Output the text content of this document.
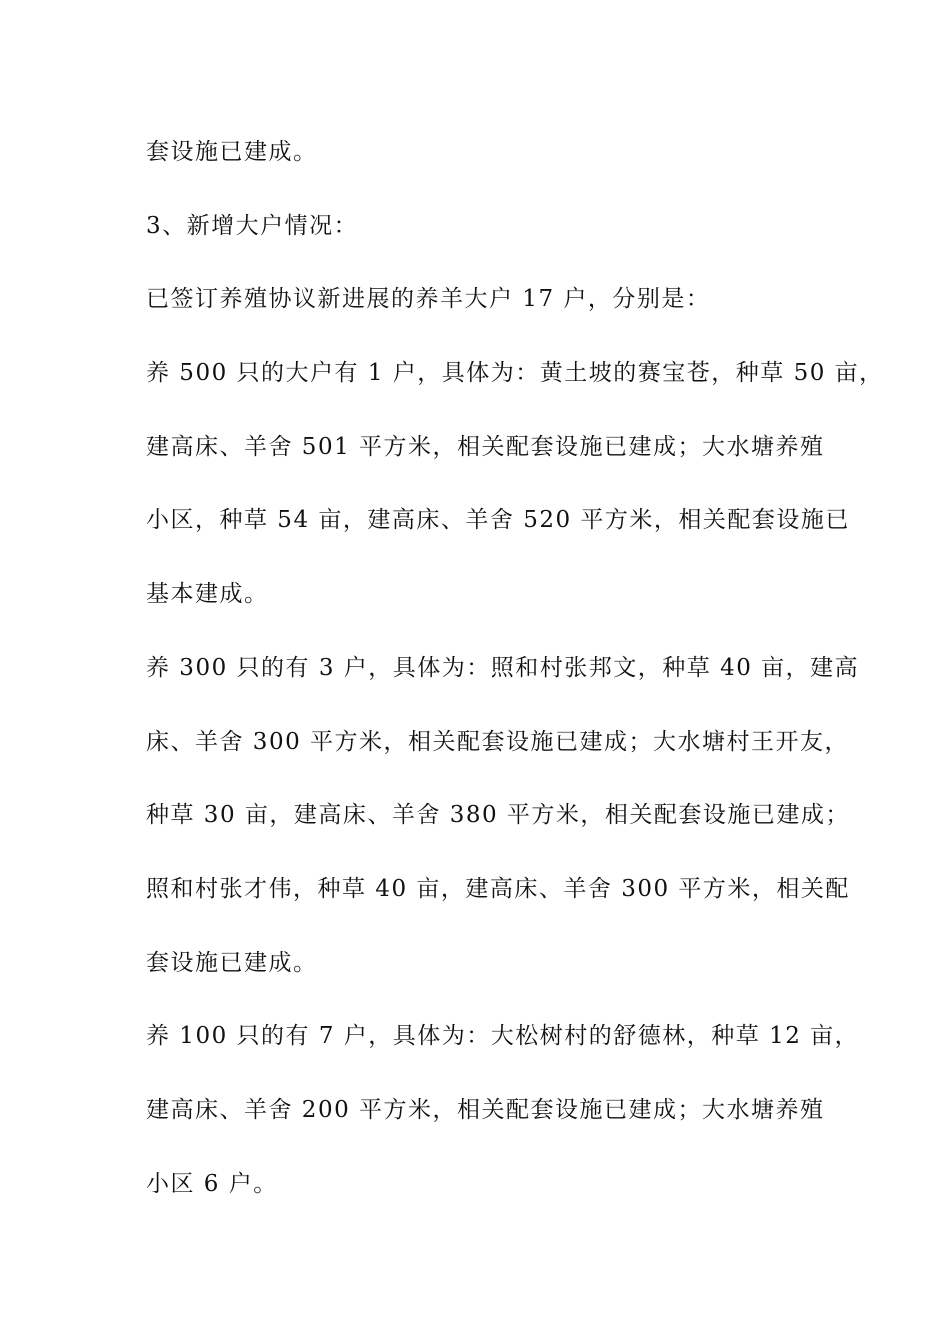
套设施已建成。
3、新增大户情况：
已签订养殖协议新进展的养羊大户 17 户，分别是：
养 500 只的大户有 1 户，具体为：黄土坡的赛宝苍，种草 50 亩，
建高床、羊舍 501 平方米，相关配套设施已建成；大水塘养殖
小区，种草 54 亩，建高床、羊舍 520 平方米，相关配套设施已
基本建成。
养 300 只的有 3 户，具体为：照和村张邦文，种草 40 亩，建高
床、羊舍 300 平方米，相关配套设施已建成；大水塘村王开友，
种草 30 亩，建高床、羊舍 380 平方米，相关配套设施已建成；
照和村张才伟，种草 40 亩，建高床、羊舍 300 平方米，相关配
套设施已建成。
养 100 只的有 7 户，具体为：大松树村的舒德林，种草 12 亩，
建高床、羊舍 200 平方米，相关配套设施已建成；大水塘养殖
小区 6 户。
